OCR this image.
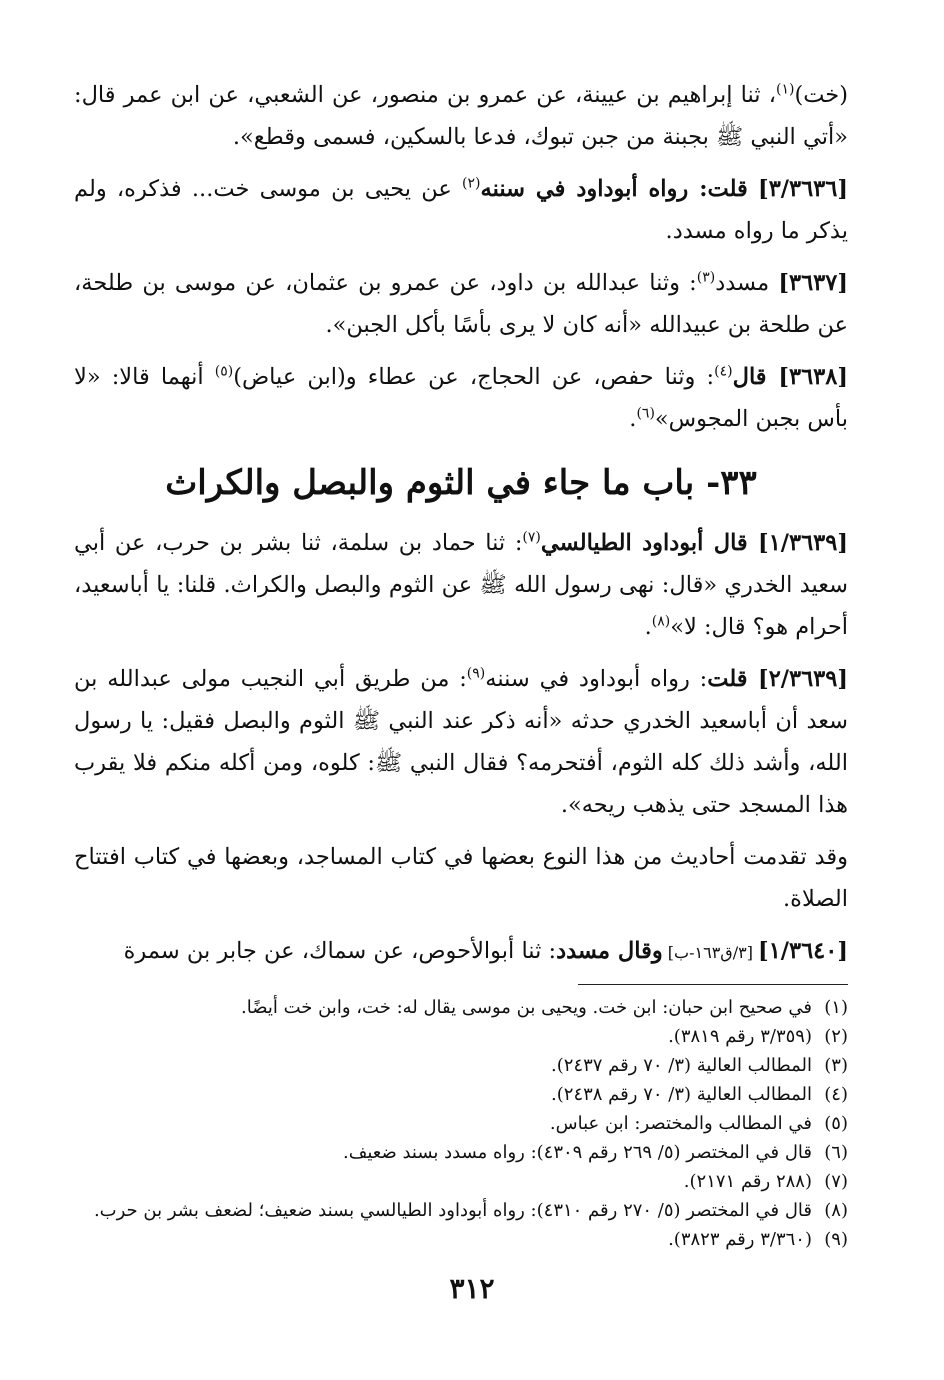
(خت)$^{(١)}$، ثنا إبراهيم بن عيينة، عن عمرو بن منصور، عن الشعبي، عن ابن عمر قال: «أتي النبي ﷺ بجبنة من جبن تبوك، فدعا بالسكين، فسمى وقطع».

[٣/٣٦٣٦] قلت: رواه أبوداود في سننه$^{(٢)}$ عن يحيى بن موسى خت... فذكره، ولم يذكر ما رواه مسدد.

[٣٦٣٧] مسدد$^{(٣)}$: وثنا عبدالله بن داود، عن عمرو بن عثمان، عن موسى بن طلحة، عن طلحة بن عبيدالله «أنه كان لا يرى بأسًا بأكل الجبن».

[٣٦٣٨] قال$^{(٤)}$: وثنا حفص، عن الحجاج، عن عطاء و(ابن عياض)$^{(٥)}$ أنهما قالا: «لا بأس بجبن المجوس»$^{(٦)}$.

٣٣- باب ما جاء في الثوم والبصل والكراث

[١/٣٦٣٩] قال أبوداود الطيالسي$^{(٧)}$: ثنا حماد بن سلمة، ثنا بشر بن حرب، عن أبي سعيد الخدري «قال: نهى رسول الله ﷺ عن الثوم والبصل والكراث. قلنا: يا أباسعيد، أحرام هو؟ قال: لا»$^{(٨)}$.

[٢/٣٦٣٩] قلت: رواه أبوداود في سننه$^{(٩)}$: من طريق أبي النجيب مولى عبدالله بن سعد أن أباسعيد الخدري حدثه «أنه ذكر عند النبي ﷺ الثوم والبصل فقيل: يا رسول الله، وأشد ذلك كله الثوم، أفتحرمه؟ فقال النبي ﷺ: كلوه، ومن أكله منكم فلا يقرب هذا المسجد حتى يذهب ريحه».

وقد تقدمت أحاديث من هذا النوع بعضها في كتاب المساجد، وبعضها في كتاب افتتاح الصلاة.

[١/٣٦٤٠] [٣/ق١٦٣-ب] وقال مسدد: ثنا أبوالأحوص، عن سماك، عن جابر بن سمرة

(١)في صحيح ابن حبان: ابن خت. ويحيى بن موسى يقال له: خت، وابن خت أيضًا.

(٢)(٣/٣٥٩ رقم ٣٨١٩).

(٣)المطالب العالية (٣/ ٧٠ رقم ٢٤٣٧).

(٤)المطالب العالية (٣/ ٧٠ رقم ٢٤٣٨).

(٥)في المطالب والمختصر: ابن عباس.

(٦)قال في المختصر (٥/ ٢٦٩ رقم ٤٣٠٩): رواه مسدد بسند ضعيف.

(٧)(٢٨٨ رقم ٢١٧١).

(٨)قال في المختصر (٥/ ٢٧٠ رقم ٤٣١٠): رواه أبوداود الطيالسي بسند ضعيف؛ لضعف بشر بن حرب.

(٩)(٣/٣٦٠ رقم ٣٨٢٣).

٣١٢
